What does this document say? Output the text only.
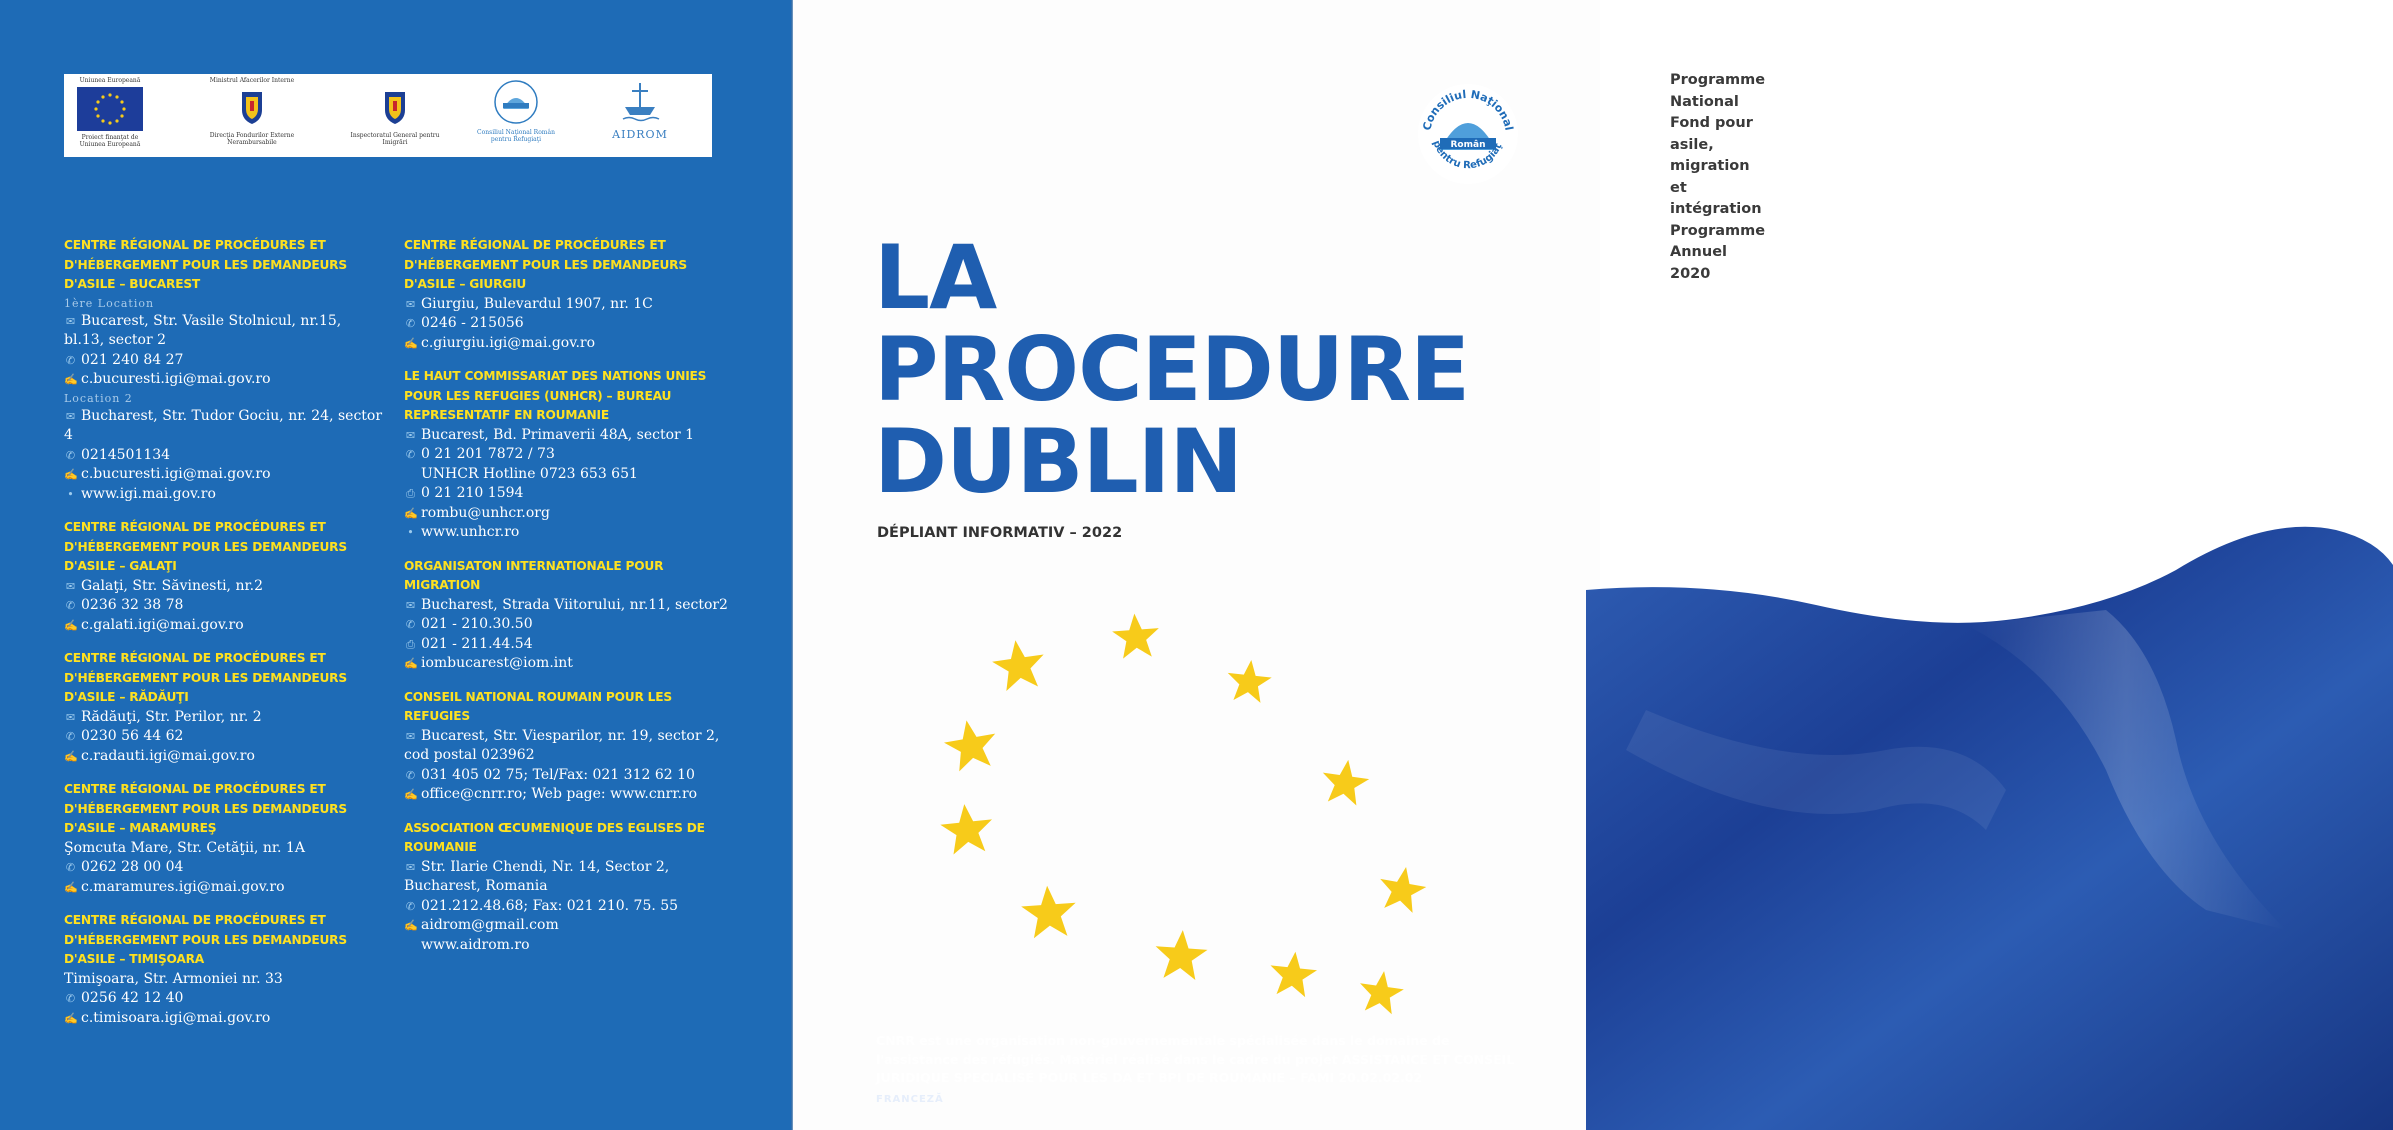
Uniunea Europeană
Proiect finanţat de Uniunea Europeană
Ministrul Afacerilor Interne
Direcţia Fondurilor Externe Nerambursabile
Inspectoratul General pentru Imigrări
Consiliul Naţional Român pentru Refugiaţi	AIDROM
CENTRE RÉGIONAL DE PROCÉDURES ET D'HÉBERGEMENT POUR LES DEMANDEURS D'ASILE – BUCAREST
1ère Location
✉ Bucarest, Str. Vasile Stolnicul, nr.15, bl.13, sector 2
✆ 021 240 84 27
✍ c.bucuresti.igi@mai.gov.ro
Location 2
✉ Bucharest, Str. Tudor Gociu, nr. 24, sector 4
✆ 0214501134
✍ c.bucuresti.igi@mai.gov.ro
• www.igi.mai.gov.ro
CENTRE RÉGIONAL DE PROCÉDURES ET D'HÉBERGEMENT POUR LES DEMANDEURS D'ASILE – GALAŢI
✉ Galaţi, Str. Săvinesti, nr.2
✆ 0236 32 38 78
✍ c.galati.igi@mai.gov.ro
CENTRE RÉGIONAL DE PROCÉDURES ET D'HÉBERGEMENT POUR LES DEMANDEURS D'ASILE – RĂDĂUŢI
✉ Rădăuţi, Str. Perilor, nr. 2
✆ 0230 56 44 62
✍ c.radauti.igi@mai.gov.ro
CENTRE RÉGIONAL DE PROCÉDURES ET D'HÉBERGEMENT POUR LES DEMANDEURS D'ASILE – MARAMUREŞ
Şomcuta Mare, Str. Cetăţii, nr. 1A
✆ 0262 28 00 04
✍ c.maramures.igi@mai.gov.ro
CENTRE RÉGIONAL DE PROCÉDURES ET D'HÉBERGEMENT POUR LES DEMANDEURS D'ASILE – TIMIŞOARA
Timişoara, Str. Armoniei nr. 33
✆ 0256 42 12 40
✍ c.timisoara.igi@mai.gov.ro
CENTRE RÉGIONAL DE PROCÉDURES ET D'HÉBERGEMENT POUR LES DEMANDEURS D'ASILE – GIURGIU
✉ Giurgiu, Bulevardul 1907, nr. 1C
✆ 0246 - 215056
✍ c.giurgiu.igi@mai.gov.ro
LE HAUT COMMISSARIAT DES NATIONS UNIES POUR LES REFUGIES (UNHCR) – BUREAU REPRESENTATIF EN ROUMANIE
✉ Bucarest, Bd. Primaverii 48A, sector 1
✆ 0 21 201 7872 / 73
UNHCR Hotline 0723 653 651
⎙ 0 21 210 1594
✍ rombu@unhcr.org
• www.unhcr.ro
ORGANISATON INTERNATIONALE POUR MIGRATION
✉ Bucharest, Strada Viitorului, nr.11, sector2
✆ 021 - 210.30.50
⎙ 021 - 211.44.54
✍ iombucarest@iom.int
CONSEIL NATIONAL ROUMAIN POUR LES REFUGIES
✉ Bucarest, Str. Viesparilor, nr. 19, sector 2, cod postal 023962
✆ 031 405 02 75; Tel/Fax: 021 312 62 10
✍ office@cnrr.ro; Web page: www.cnrr.ro
ASSOCIATION ŒCUMENIQUE DES EGLISES DE ROUMANIE
✉ Str. Ilarie Chendi, Nr. 14, Sector 2, Bucharest, Romania
✆ 021.212.48.68; Fax: 021 210. 75. 55
✍ aidrom@gmail.com
www.aidrom.ro
Programme National
Fond pour asile, migration et intégration
Programme Annuel 2020
Român
Consiliul Naţional
pentru Refugiaţ
LA
PROCEDURE
DUBLIN
DÉPLIANT INFORMATIV – 2022
CNRR est une organisation non-gouvernementale spécialisée dans le domaine de l'assistance des réfugiés. Matériel réalisé dans le cadre du projet ASSISTANCE ET CONSEIL JURIDIQUE SPECIALISÉ POUR LES DA ET BPI DE ROUMANIE – FAMI 20.02.02.02
FRANCEZĂ
